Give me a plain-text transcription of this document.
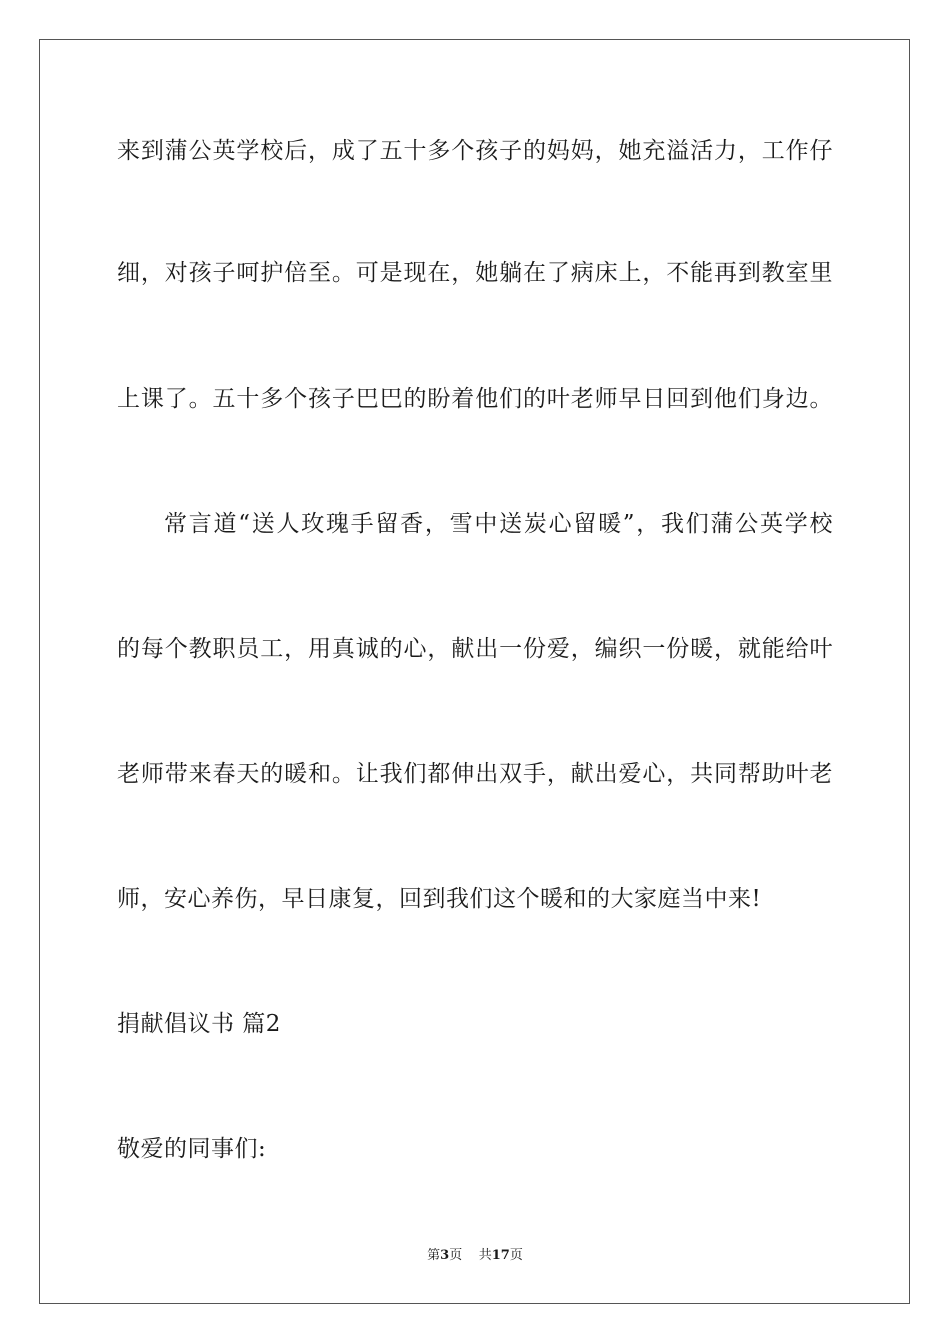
来到蒲公英学校后，成了五十多个孩子的妈妈，她充溢活力，工作仔
细，对孩子呵护倍至。可是现在，她躺在了病床上，不能再到教室里
上课了。五十多个孩子巴巴的盼着他们的叶老师早日回到他们身边。
常言道“送人玫瑰手留香，雪中送炭心留暖”，我们蒲公英学校
的每个教职员工，用真诚的心，献出一份爱，编织一份暖，就能给叶
老师带来春天的暖和。让我们都伸出双手，献出爱心，共同帮助叶老
师，安心养伤，早日康复，回到我们这个暖和的大家庭当中来!
捐献倡议书 篇2
敬爱的同事们:
第3页 共17页
